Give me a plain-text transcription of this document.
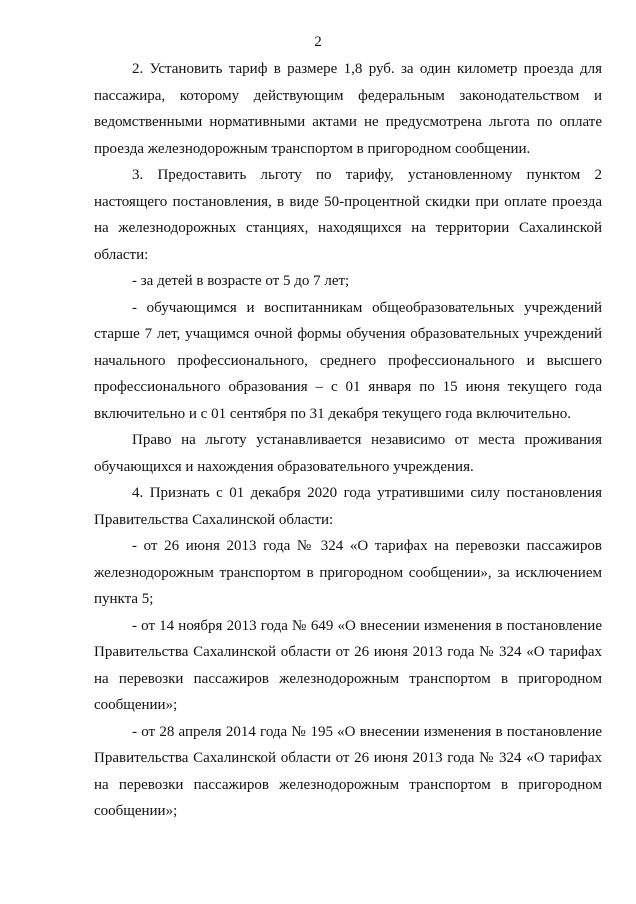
2

2. Установить тариф в размере 1,8 руб. за один километр проезда для пассажира, которому действующим федеральным законодательством и ведомственными нормативными актами не предусмотрена льгота по оплате проезда железнодорожным транспортом в пригородном сообщении.

3. Предоставить льготу по тарифу, установленному пунктом 2 настоящего постановления, в виде 50-процентной скидки при оплате проезда на железнодорожных станциях, находящихся на территории Сахалинской области:

- за детей в возрасте от 5 до 7 лет;

- обучающимся и воспитанникам общеобразовательных учреждений старше 7 лет, учащимся очной формы обучения образовательных учреждений начального профессионального, среднего профессионального и высшего профессионального образования – с 01 января по 15 июня текущего года включительно и с 01 сентября по 31 декабря текущего года включительно.

Право на льготу устанавливается независимо от места проживания обучающихся и нахождения образовательного учреждения.

4. Признать с 01 декабря 2020 года утратившими силу постановления Правительства Сахалинской области:

- от 26 июня 2013 года № 324 «О тарифах на перевозки пассажиров железнодорожным транспортом в пригородном сообщении», за исключением пункта 5;

- от 14 ноября 2013 года № 649 «О внесении изменения в постановление Правительства Сахалинской области от 26 июня 2013 года № 324 «О тарифах на перевозки пассажиров железнодорожным транспортом в пригородном сообщении»;

- от 28 апреля 2014 года № 195 «О внесении изменения в постановление Правительства Сахалинской области от 26 июня 2013 года № 324 «О тарифах на перевозки пассажиров железнодорожным транспортом в пригородном сообщении»;
